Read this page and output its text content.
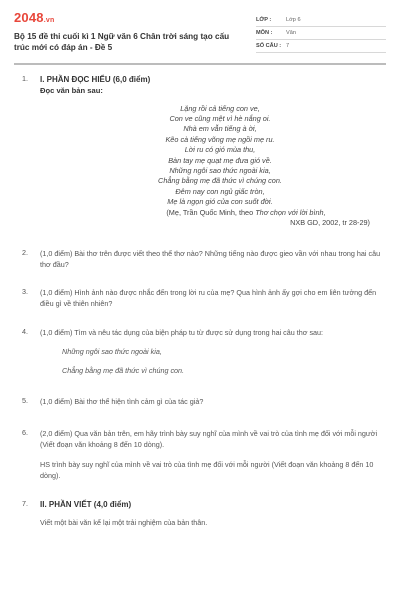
2048.vn
Bộ 15 đề thi cuối kì 1 Ngữ văn 6 Chân trời sáng tạo cấu trúc mới có đáp án - Đề 5
LỚP :	Lớp 6
MÔN :	Văn
SỐ CÂU : 7
1. I. PHẦN ĐỌC HIỂU (6,0 điểm)
Đọc văn bản sau:
Lặng rồi cả tiếng con ve,
Con ve cũng mệt vì hè nắng oi.
Nhà em vẫn tiếng à ời,
Kẽo cà tiếng võng mẹ ngồi mẹ ru.
Lời ru có gió mùa thu,
Bàn tay mẹ quạt mẹ đưa gió về.
Những ngôi sao thức ngoài kia,
Chẳng bằng mẹ đã thức vì chúng con.
Đêm nay con ngủ giấc tròn,
Mẹ là ngọn gió của con suốt đời.
(Mẹ, Trần Quốc Minh, theo Thơ chọn với lời bình,
NXB GD, 2002, tr 28-29)
2. (1,0 điểm) Bài thơ trên được viết theo thể thơ nào? Những tiếng nào được gieo vần với nhau trong hai câu thơ đầu?
3. (1,0 điểm) Hình ảnh nào được nhắc đến trong lời ru của mẹ? Qua hình ảnh ấy gợi cho em liên tưởng đến điều gì về thiên nhiên?
4. (1,0 điểm) Tìm và nêu tác dụng của biện pháp tu từ được sử dụng trong hai câu thơ sau:
Những ngôi sao thức ngoài kia,
Chẳng bằng mẹ đã thức vì chúng con.
5. (1,0 điểm) Bài thơ thể hiện tình cảm gì của tác giả?
6. (2,0 điểm) Qua văn bản trên, em hãy trình bày suy nghĩ của mình về vai trò của tình mẹ đối với mỗi người (Viết đoạn văn khoảng 8 đến 10 dòng).
HS trình bày suy nghĩ của mình về vai trò của tình mẹ đối với mỗi người (Viết đoạn văn khoảng 8 đến 10 dòng).
7. II. PHẦN VIẾT (4,0 điểm)
Viết một bài văn kể lại một trải nghiệm của bản thân.
